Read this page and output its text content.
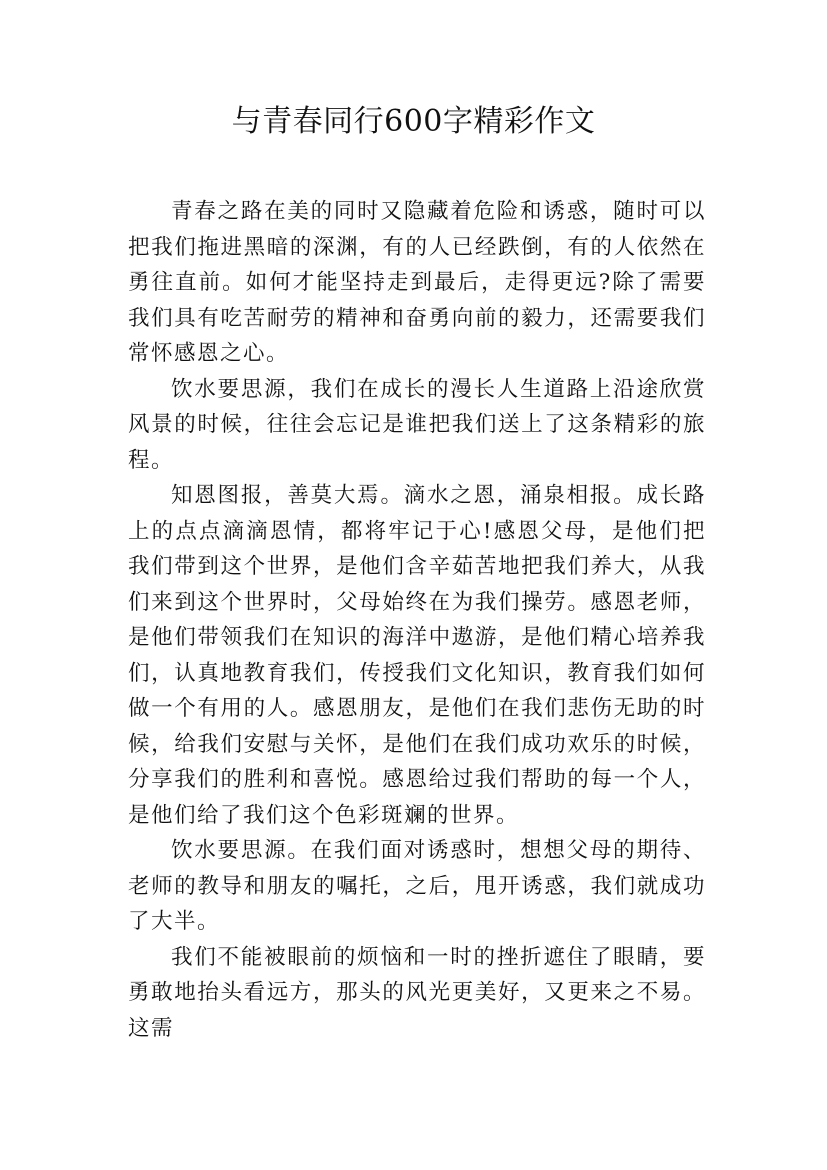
与青春同行600字精彩作文

青春之路在美的同时又隐藏着危险和诱惑，随时可以把我们拖进黑暗的深渊，有的人已经跌倒，有的人依然在勇往直前。如何才能坚持走到最后，走得更远?除了需要我们具有吃苦耐劳的精神和奋勇向前的毅力，还需要我们常怀感恩之心。

饮水要思源，我们在成长的漫长人生道路上沿途欣赏风景的时候，往往会忘记是谁把我们送上了这条精彩的旅程。

知恩图报，善莫大焉。滴水之恩，涌泉相报。成长路上的点点滴滴恩情，都将牢记于心!感恩父母，是他们把我们带到这个世界，是他们含辛茹苦地把我们养大，从我们来到这个世界时，父母始终在为我们操劳。感恩老师，是他们带领我们在知识的海洋中遨游，是他们精心培养我们，认真地教育我们，传授我们文化知识，教育我们如何做一个有用的人。感恩朋友，是他们在我们悲伤无助的时候，给我们安慰与关怀，是他们在我们成功欢乐的时候，分享我们的胜利和喜悦。感恩给过我们帮助的每一个人，是他们给了我们这个色彩斑斓的世界。

饮水要思源。在我们面对诱惑时，想想父母的期待、老师的教导和朋友的嘱托，之后，甩开诱惑，我们就成功了大半。

我们不能被眼前的烦恼和一时的挫折遮住了眼睛，要勇敢地抬头看远方，那头的风光更美好，又更来之不易。这需
